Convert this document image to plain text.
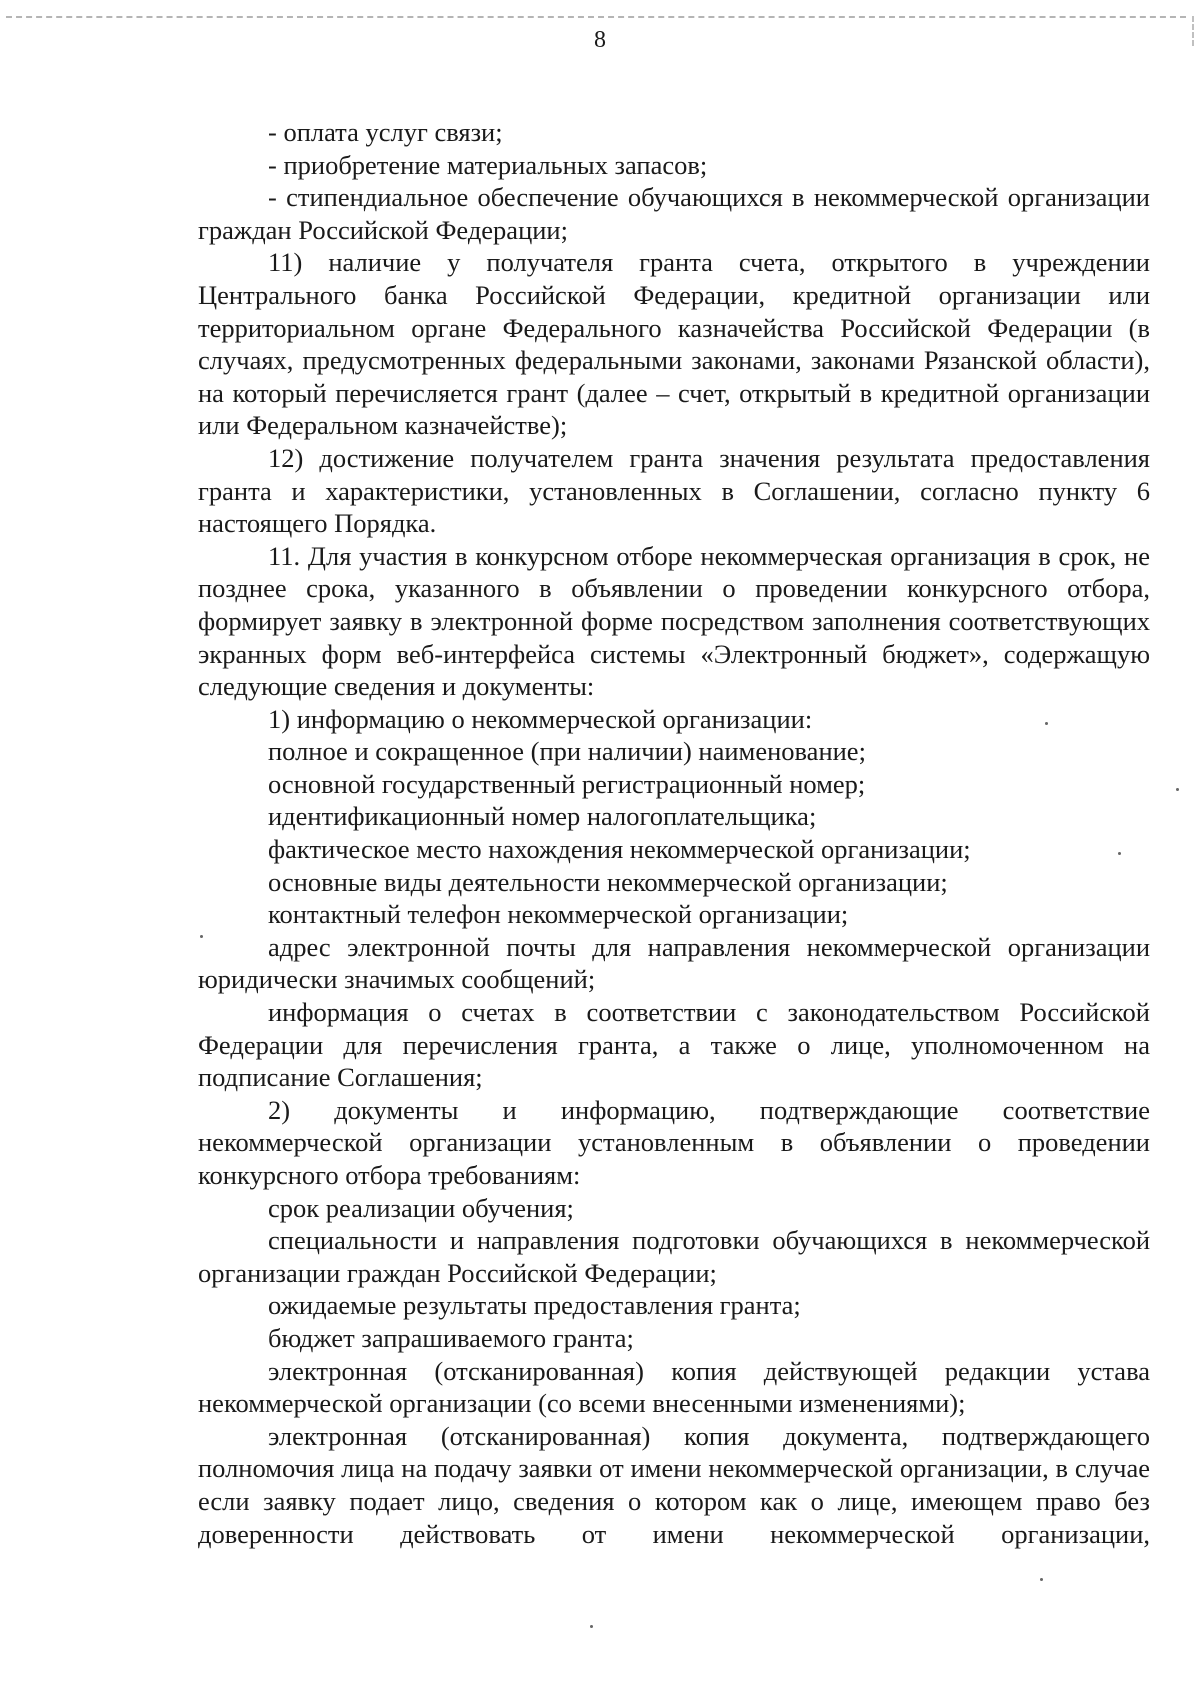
8

- оплата услуг связи;

- приобретение материальных запасов;

- стипендиальное обеспечение обучающихся в некоммерческой организации граждан Российской Федерации;

11) наличие у получателя гранта счета, открытого в учреждении Центрального банка Российской Федерации, кредитной организации или территориальном органе Федерального казначейства Российской Федерации (в случаях, предусмотренных федеральными законами, законами Рязанской области), на который перечисляется грант (далее – счет, открытый в кредитной организации или Федеральном казначействе);

12) достижение получателем гранта значения результата предоставления гранта и характеристики, установленных в Соглашении, согласно пункту 6 настоящего Порядка.

11. Для участия в конкурсном отборе некоммерческая организация в срок, не позднее срока, указанного в объявлении о проведении конкурсного отбора, формирует заявку в электронной форме посредством заполнения соответствующих экранных форм веб-интерфейса системы «Электронный бюджет», содержащую следующие сведения и документы:

1) информацию о некоммерческой организации:

полное и сокращенное (при наличии) наименование;

основной государственный регистрационный номер;

идентификационный номер налогоплательщика;

фактическое место нахождения некоммерческой организации;

основные виды деятельности некоммерческой организации;

контактный телефон некоммерческой организации;

адрес электронной почты для направления некоммерческой организации юридически значимых сообщений;

информация о счетах в соответствии с законодательством Российской Федерации для перечисления гранта, а также о лице, уполномоченном на подписание Соглашения;

2) документы и информацию, подтверждающие соответствие некоммерческой организации установленным в объявлении о проведении конкурсного отбора требованиям:

срок реализации обучения;

специальности и направления подготовки обучающихся в некоммерческой организации граждан Российской Федерации;

ожидаемые результаты предоставления гранта;

бюджет запрашиваемого гранта;

электронная (отсканированная) копия действующей редакции устава некоммерческой организации (со всеми внесенными изменениями);

электронная (отсканированная) копия документа, подтверждающего полномочия лица на подачу заявки от имени некоммерческой организации, в случае если заявку подает лицо, сведения о котором как о лице, имеющем право без доверенности действовать от имени некоммерческой организации,
